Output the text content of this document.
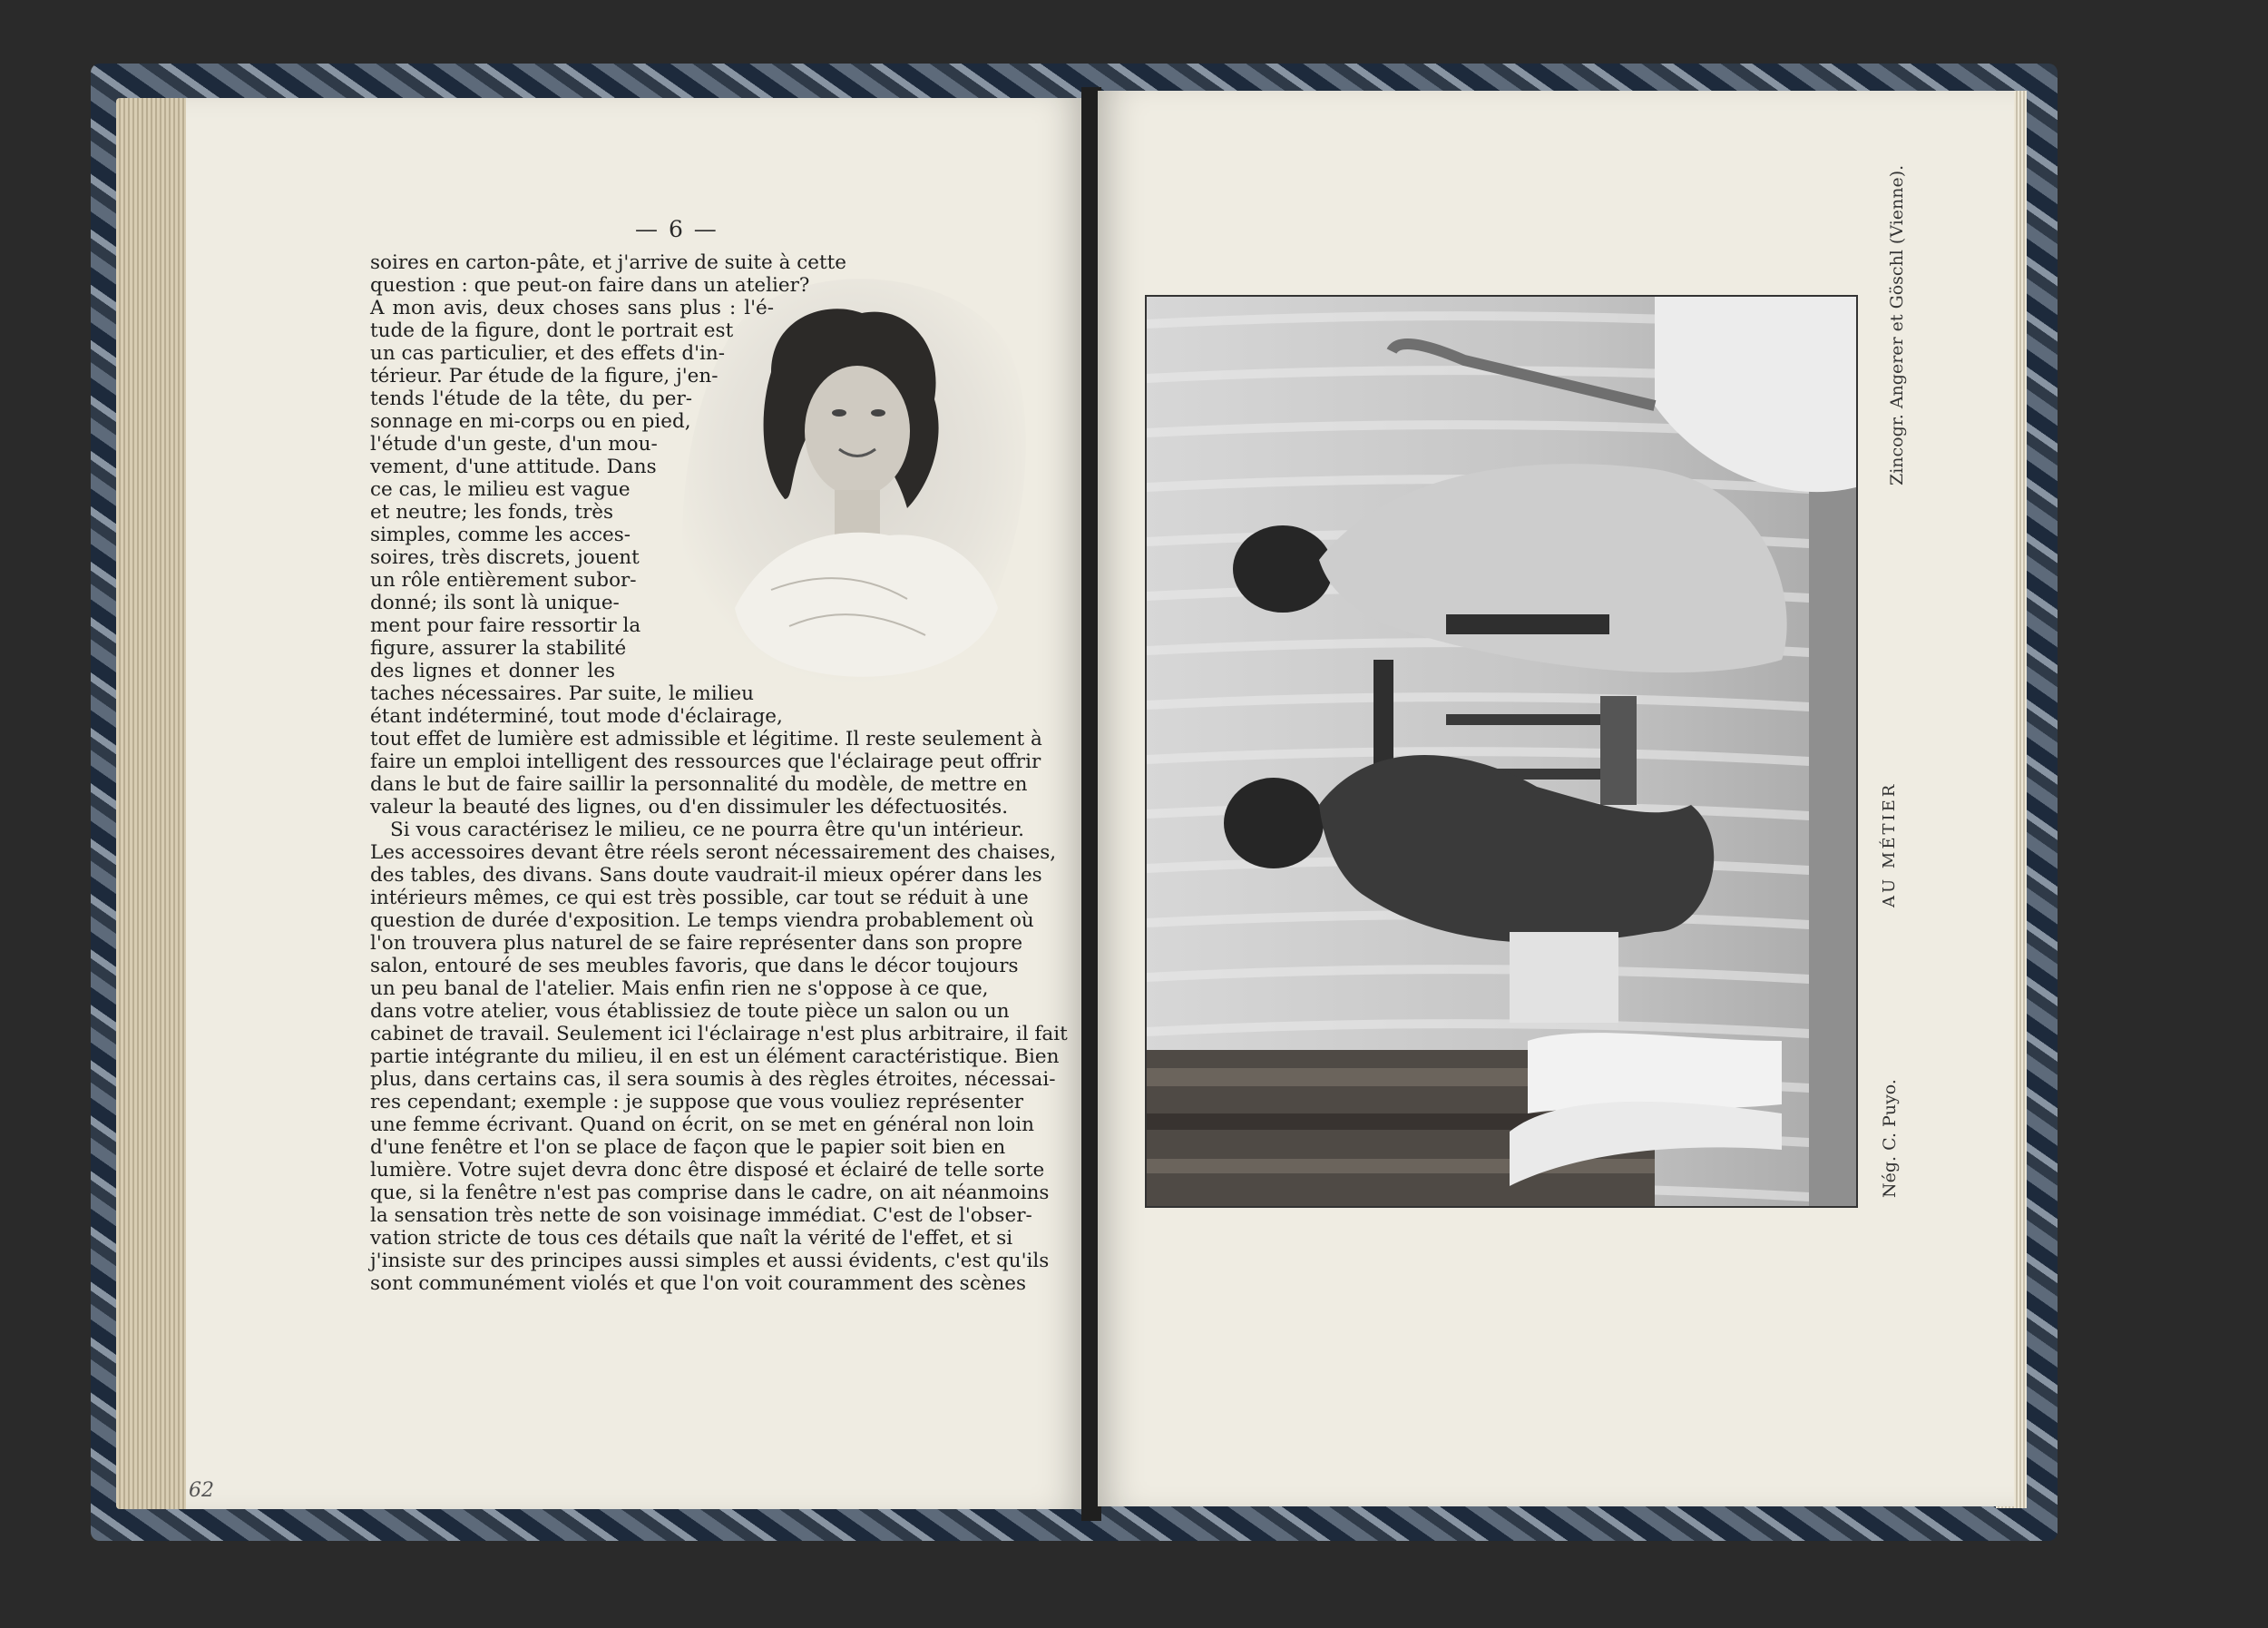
— 6 —
soires en carton-pâte, et j'arrive de suite à cette
question : que peut-on faire dans un atelier?
A mon avis, deux choses sans plus : l'é-
tude de la figure, dont le portrait est
un cas particulier, et des effets d'in-
térieur. Par étude de la figure, j'en-
tends l'étude de la tête, du per-
sonnage en mi-corps ou en pied,
l'étude d'un geste, d'un mou-
vement, d'une attitude. Dans
ce cas, le milieu est vague
et neutre; les fonds, très
simples, comme les acces-
soires, très discrets, jouent
un rôle entièrement subor-
donné; ils sont là unique-
ment pour faire ressortir la
figure, assurer la stabilité
des lignes et donner les
taches nécessaires. Par suite, le milieu
étant indéterminé, tout mode d'éclairage,
tout effet de lumière est admissible et légitime. Il reste seulement à
faire un emploi intelligent des ressources que l'éclairage peut offrir
dans le but de faire saillir la personnalité du modèle, de mettre en
valeur la beauté des lignes, ou d'en dissimuler les défectuosités.
Si vous caractérisez le milieu, ce ne pourra être qu'un intérieur.
Les accessoires devant être réels seront nécessairement des chaises,
des tables, des divans. Sans doute vaudrait-il mieux opérer dans les
intérieurs mêmes, ce qui est très possible, car tout se réduit à une
question de durée d'exposition. Le temps viendra probablement où
l'on trouvera plus naturel de se faire représenter dans son propre
salon, entouré de ses meubles favoris, que dans le décor toujours
un peu banal de l'atelier. Mais enfin rien ne s'oppose à ce que,
dans votre atelier, vous établissiez de toute pièce un salon ou un
cabinet de travail. Seulement ici l'éclairage n'est plus arbitraire, il fait
partie intégrante du milieu, il en est un élément caractéristique. Bien
plus, dans certains cas, il sera soumis à des règles étroites, nécessai-
res cependant; exemple : je suppose que vous vouliez représenter
une femme écrivant. Quand on écrit, on se met en général non loin
d'une fenêtre et l'on se place de façon que le papier soit bien en
lumière. Votre sujet devra donc être disposé et éclairé de telle sorte
que, si la fenêtre n'est pas comprise dans le cadre, on ait néanmoins
la sensation très nette de son voisinage immédiat. C'est de l'obser-
vation stricte de tous ces détails que naît la vérité de l'effet, et si
j'insiste sur des principes aussi simples et aussi évidents, c'est qu'ils
sont communément violés et que l'on voit couramment des scènes
62
Zincogr. Angerer et Göschl (Vienne).
AU MÉTIER
Nég. C. Puyo.
